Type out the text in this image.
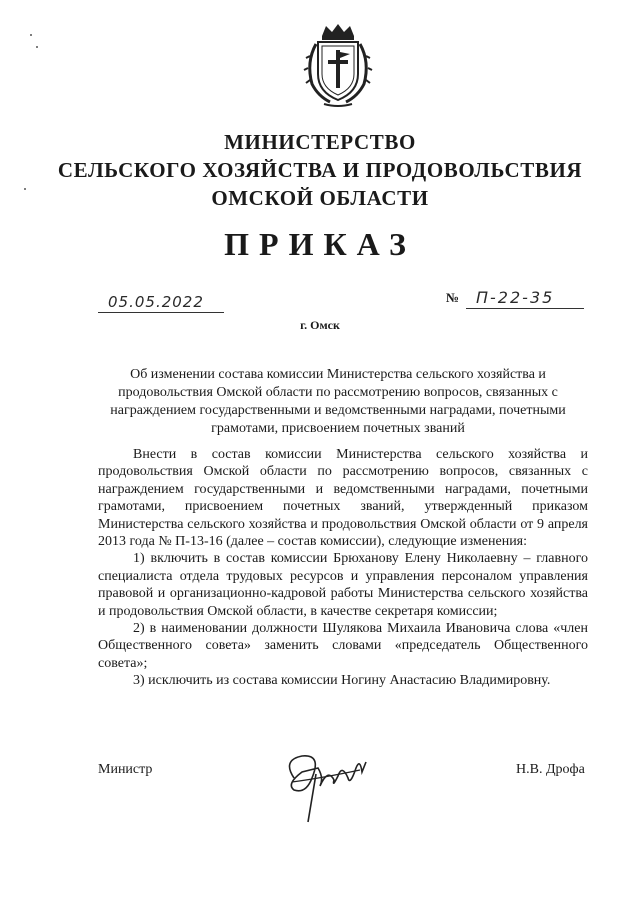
МИНИСТЕРСТВО
СЕЛЬСКОГО ХОЗЯЙСТВА И ПРОДОВОЛЬСТВИЯ
ОМСКОЙ ОБЛАСТИ
ПРИКАЗ
05.05.2022	№ П-22-35
г. Омск
Об изменении состава комиссии Министерства сельского хозяйства и продовольствия Омской области по рассмотрению вопросов, связанных с награждением государственными и ведомственными наградами, почетными грамотами, присвоением почетных званий

Внести в состав комиссии Министерства сельского хозяйства и продовольствия Омской области по рассмотрению вопросов, связанных с награждением государственными и ведомственными наградами, почетными грамотами, присвоением почетных званий, утвержденный приказом Министерства сельского хозяйства и продовольствия Омской области от 9 апреля 2013 года № П-13-16 (далее – состав комиссии), следующие изменения:

1) включить в состав комиссии Брюханову Елену Николаевну – главного специалиста отдела трудовых ресурсов и управления персоналом управления правовой и организационно-кадровой работы Министерства сельского хозяйства и продовольствия Омской области, в качестве секретаря комиссии;

2) в наименовании должности Шулякова Михаила Ивановича слова «член Общественного совета» заменить словами «председатель Общественного совета»;

3) исключить из состава комиссии Ногину Анастасию Владимировну.

Министр	Н.В. Дрофа
